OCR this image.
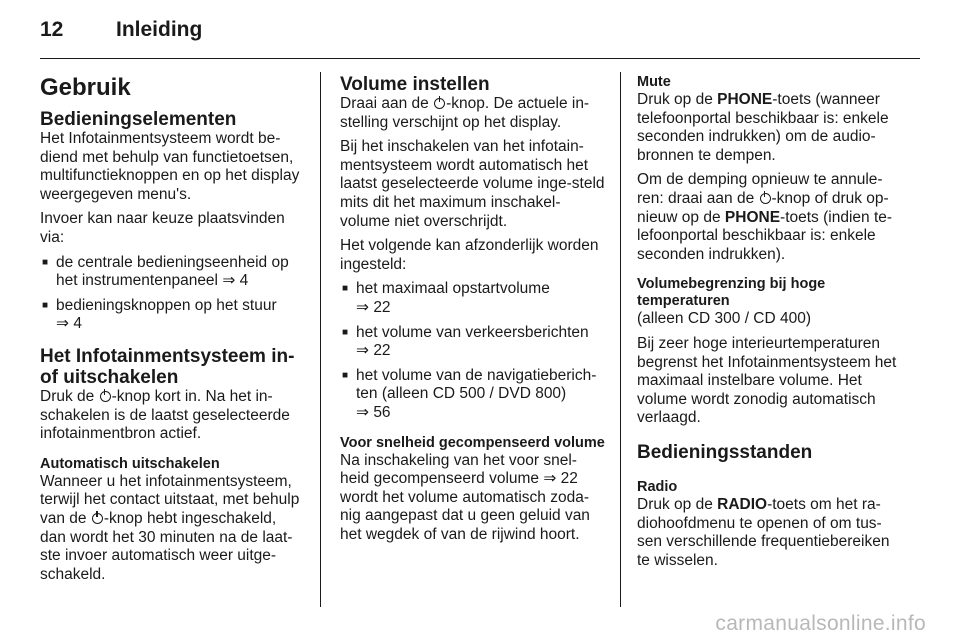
12	Inleiding
Gebruik
Bedieningselementen

Het Infotainmentsysteem wordt be-diend met behulp van functietoetsen, multifunctieknoppen en op het display weergegeven menu's.

Invoer kan naar keuze plaatsvinden via:

■ de centrale bedieningseenheid op het instrumentenpaneel ⇒ 4
■ bedieningsknoppen op het stuur
⇒ 4
Het Infotainmentsysteem in- of uitschakelen

Druk de -knop kort in. Na het in-schakelen is de laatst geselecteerde infotainmentbron actief.

Automatisch uitschakelen

Wanneer u het infotainmentsysteem, terwijl het contact uitstaat, met behulp van de -knop hebt ingeschakeld, dan wordt het 30 minuten na de laat-ste invoer automatisch weer uitge-schakeld.

Volume instellen

Draai aan de -knop. De actuele in-stelling verschijnt op het display.

Bij het inschakelen van het infotain-mentsysteem wordt automatisch het laatst geselecteerde volume inge-steld mits dit het maximum inschakel-volume niet overschrijdt.

Het volgende kan afzonderlijk worden ingesteld:

■ het maximaal opstartvolume
⇒ 22
■ het volume van verkeersberichten
⇒ 22
■ het volume van de navigatieberich-ten (alleen CD 500 / DVD 800)
⇒ 56
Voor snelheid gecompenseerd volume

Na inschakeling van het voor snel-heid gecompenseerd volume ⇒ 22 wordt het volume automatisch zoda-nig aangepast dat u geen geluid van het wegdek of van de rijwind hoort.

Mute

Druk op de PHONE-toets (wanneer telefoonportal beschikbaar is: enkele seconden indrukken) om de audio-bronnen te dempen.

Om de demping opnieuw te annule-ren: draai aan de -knop of druk op-nieuw op de PHONE-toets (indien te-lefoonportal beschikbaar is: enkele seconden indrukken).

Volumebegrenzing bij hoge temperaturen

(alleen CD 300 / CD 400)

Bij zeer hoge interieurtemperaturen begrenst het Infotainmentsysteem het maximaal instelbare volume. Het volume wordt zonodig automatisch verlaagd.

Bedieningsstanden
Radio

Druk op de RADIO-toets om het ra-diohoofdmenu te openen of om tus-sen verschillende frequentiebereiken te wisselen.

carmanualsonline.info
